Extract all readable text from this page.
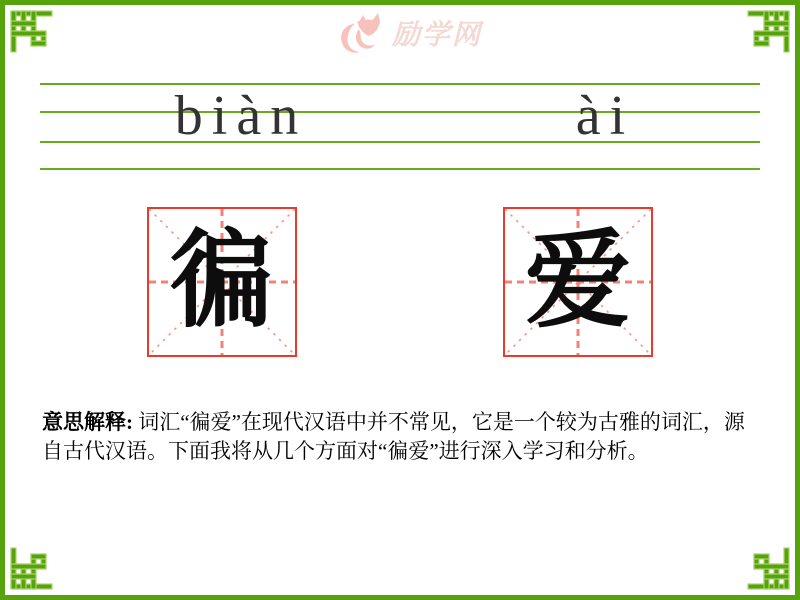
励学网
biàn	ài
徧 爱
意思解释: 词汇“徧爱”在现代汉语中并不常见，它是一个较为古雅的词汇，源自古代汉语。下面我将从几个方面对“徧爱”进行深入学习和分析。
